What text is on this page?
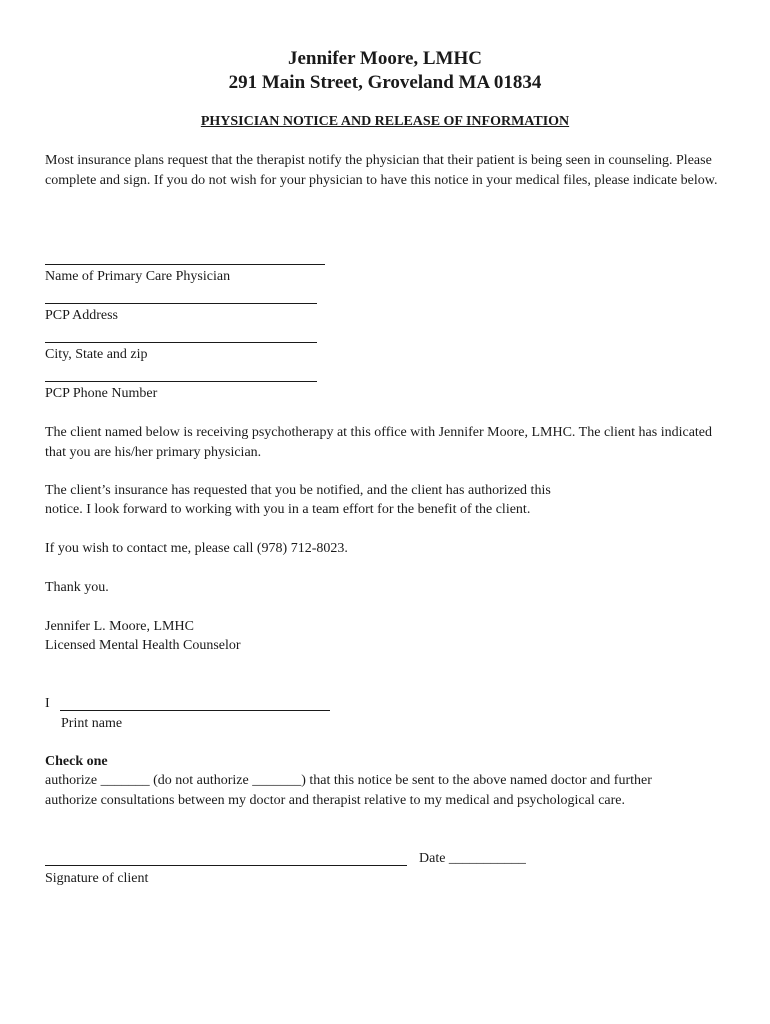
Jennifer Moore, LMHC
291 Main Street, Groveland MA 01834
PHYSICIAN NOTICE AND RELEASE OF INFORMATION
Most insurance plans request that the therapist notify the physician that their patient is being seen in counseling. Please complete and sign. If you do not wish for your physician to have this notice in your medical files, please indicate below.
Name of Primary Care Physician
PCP Address
City, State and zip
PCP Phone Number
The client named below is receiving psychotherapy at this office with Jennifer Moore, LMHC. The client has indicated that you are his/her primary physician.
The client’s insurance has requested that you be notified, and the client has authorized this
notice. I look forward to working with you in a team effort for the benefit of the client.
If you wish to contact me, please call (978) 712-8023.
Thank you.
Jennifer L. Moore, LMHC
Licensed Mental Health Counselor
I
Print name
Check one
authorize _______ (do not authorize _______) that this notice be sent to the above named doctor and further
authorize consultations between my doctor and therapist relative to my medical and psychological care.
Date ___________
Signature of client
